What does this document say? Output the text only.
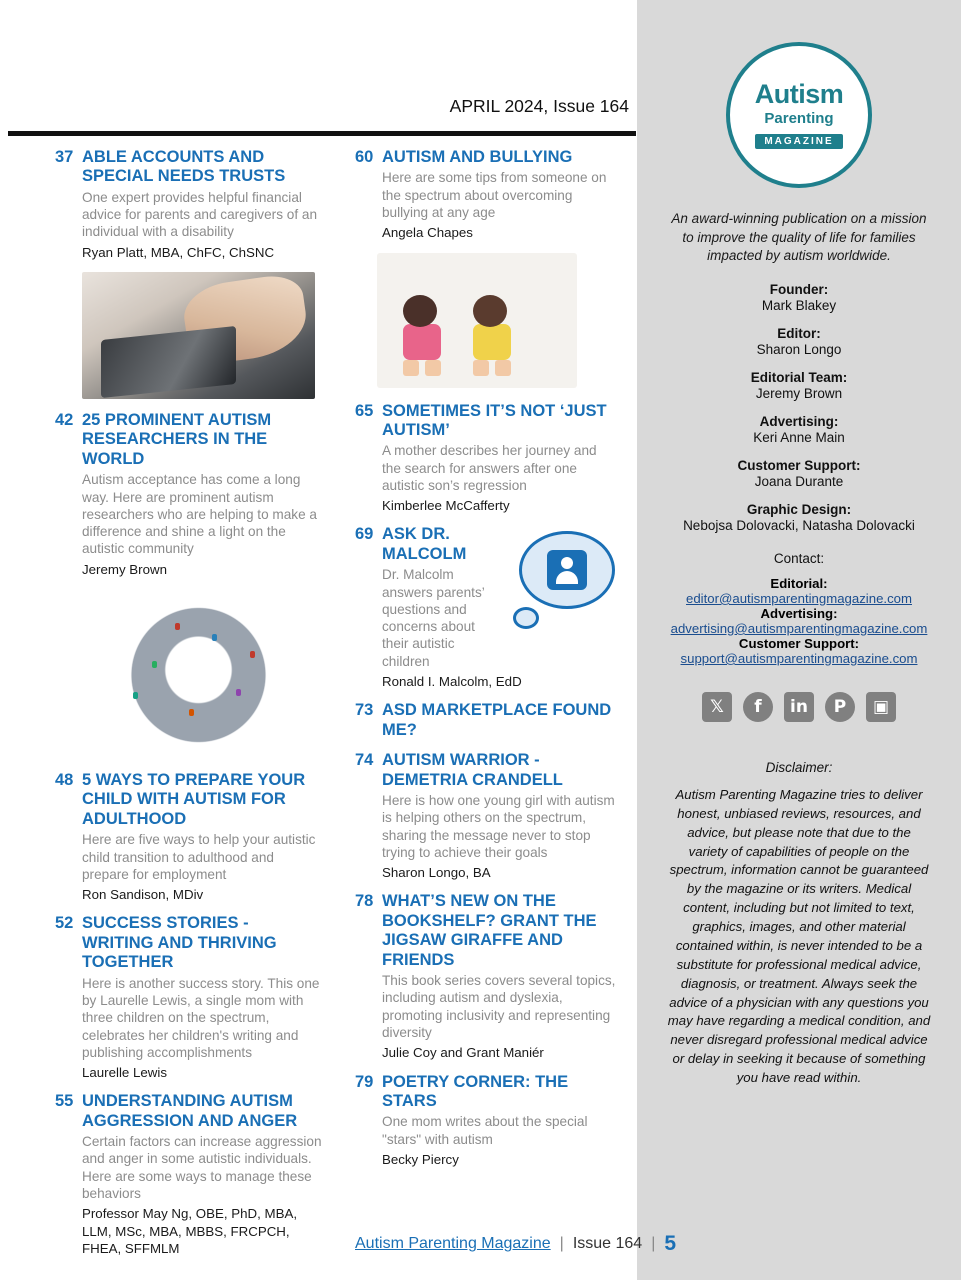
APRIL 2024, Issue 164
37 ABLE ACCOUNTS AND SPECIAL NEEDS TRUSTS
One expert provides helpful financial advice for parents and caregivers of an individual with a disability
Ryan Platt, MBA, ChFC, ChSNC
42 25 PROMINENT AUTISM RESEARCHERS IN THE WORLD
Autism acceptance has come a long way. Here are prominent autism researchers who are helping to make a difference and shine a light on the autistic community
Jeremy Brown
48 5 WAYS TO PREPARE YOUR CHILD WITH AUTISM FOR ADULTHOOD
Here are five ways to help your autistic child transition to adulthood and prepare for employment
Ron Sandison, MDiv
52 SUCCESS STORIES - WRITING AND THRIVING TOGETHER
Here is another success story. This one by Laurelle Lewis, a single mom with three children on the spectrum, celebrates her children's writing and publishing accomplishments
Laurelle Lewis
55 UNDERSTANDING AUTISM AGGRESSION AND ANGER
Certain factors can increase aggression and anger in some autistic individuals. Here are some ways to manage these behaviors
Professor May Ng, OBE, PhD, MBA, LLM, MSc, MBA, MBBS, FRCPCH, FHEA, SFFMLM
60 AUTISM AND BULLYING
Here are some tips from someone on the spectrum about overcoming bullying at any age
Angela Chapes
65 SOMETIMES IT’S NOT ‘JUST AUTISM’
A mother describes her journey and the search for answers after one autistic son’s regression
Kimberlee McCafferty
69 ASK DR. MALCOLM
Dr. Malcolm answers parents’ questions and concerns about their autistic children
Ronald I. Malcolm, EdD
73 ASD MARKETPLACE FOUND ME?
74 AUTISM WARRIOR - DEMETRIA CRANDELL
Here is how one young girl with autism is helping others on the spectrum, sharing the message never to stop trying to achieve their goals
Sharon Longo, BA
78 WHAT’S NEW ON THE BOOKSHELF? GRANT THE JIGSAW GIRAFFE AND FRIENDS
This book series covers several topics, including autism and dyslexia, promoting inclusivity and representing diversity
Julie Coy and Grant Maniér
79 POETRY CORNER: THE STARS
One mom writes about the special "stars" with autism
Becky Piercy
Autism
Parenting
MAGAZINE
An award-winning publication on a mission to improve the quality of life for families impacted by autism worldwide.
Founder:
Mark Blakey
Editor:
Sharon Longo
Editorial Team:
Jeremy Brown
Advertising:
Keri Anne Main
Customer Support:
Joana Durante
Graphic Design:
Nebojsa Dolovacki, Natasha Dolovacki
Contact:
Editorial:
editor@autismparentingmagazine.com
Advertising:
advertising@autismparentingmagazine.com
Customer Support:
support@autismparentingmagazine.com
𝕏	f	in	P	▣
Disclaimer:
Autism Parenting Magazine tries to deliver honest, unbiased reviews, resources, and advice, but please note that due to the variety of capabilities of people on the spectrum, information cannot be guaranteed by the magazine or its writers. Medical content, including but not limited to text, graphics, images, and other material contained within, is never intended to be a substitute for professional medical advice, diagnosis, or treatment. Always seek the advice of a physician with any questions you may have regarding a medical condition, and never disregard professional medical advice or delay in seeking it because of something you have read within.
Autism Parenting Magazine | Issue 164 | 5
